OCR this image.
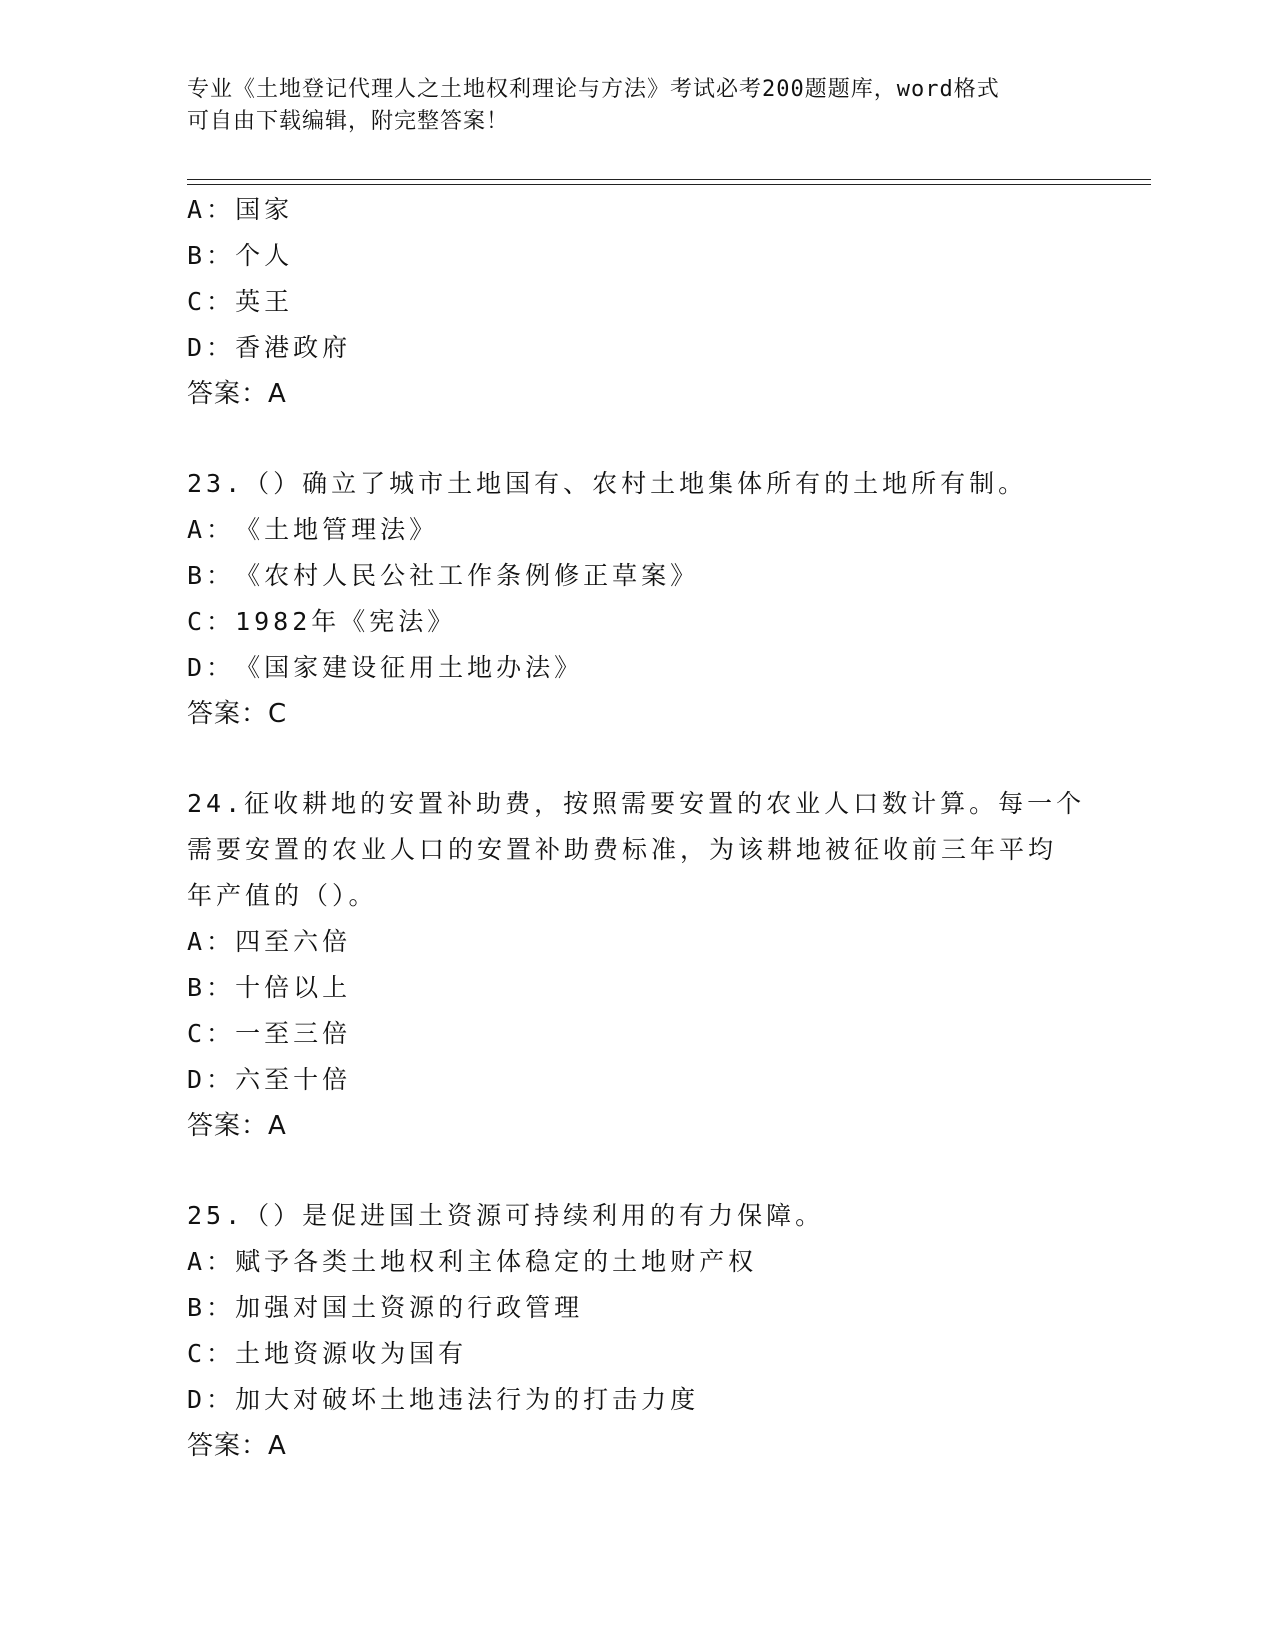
专业《土地登记代理人之土地权利理论与方法》考试必考200题题库，word格式
可自由下载编辑，附完整答案！
A：国家
B：个人
C：英王
D：香港政府
答案：A
23.（）确立了城市土地国有、农村土地集体所有的土地所有制。
A：《土地管理法》
B：《农村人民公社工作条例修正草案》
C：1982年《宪法》
D：《国家建设征用土地办法》
答案：C
24.征收耕地的安置补助费，按照需要安置的农业人口数计算。每一个
需要安置的农业人口的安置补助费标准，为该耕地被征收前三年平均
年产值的（）。
A：四至六倍
B：十倍以上
C：一至三倍
D：六至十倍
答案：A
25.（）是促进国土资源可持续利用的有力保障。
A：赋予各类土地权利主体稳定的土地财产权
B：加强对国土资源的行政管理
C：土地资源收为国有
D：加大对破坏土地违法行为的打击力度
答案：A
